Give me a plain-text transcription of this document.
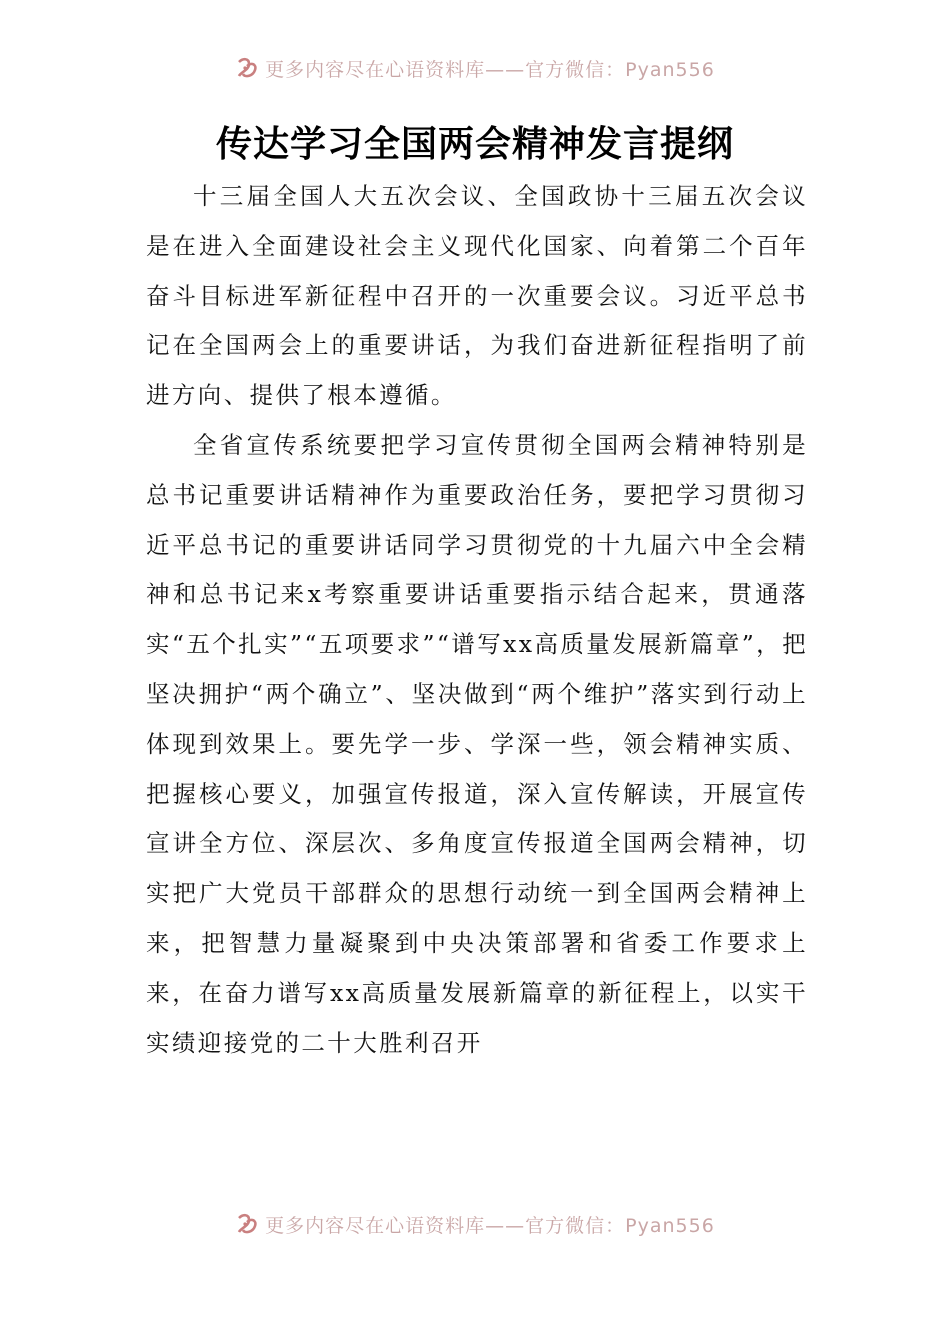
更多内容尽在心语资料库——官方微信：Pyan556
传达学习全国两会精神发言提纲

十三届全国人大五次会议、全国政协十三届五次会议是在进入全面建设社会主义现代化国家、向着第二个百年奋斗目标进军新征程中召开的一次重要会议。习近平总书记在全国两会上的重要讲话，为我们奋进新征程指明了前进方向、提供了根本遵循。

全省宣传系统要把学习宣传贯彻全国两会精神特别是总书记重要讲话精神作为重要政治任务，要把学习贯彻习近平总书记的重要讲话同学习贯彻党的十九届六中全会精神和总书记来x考察重要讲话重要指示结合起来，贯通落实“五个扎实”“五项要求”“谱写xx高质量发展新篇章”，把坚决拥护“两个确立”、坚决做到“两个维护”落实到行动上体现到效果上。要先学一步、学深一些，领会精神实质、把握核心要义，加强宣传报道，深入宣传解读，开展宣传宣讲全方位、深层次、多角度宣传报道全国两会精神，切实把广大党员干部群众的思想行动统一到全国两会精神上来，把智慧力量凝聚到中央决策部署和省委工作要求上来，在奋力谱写xx高质量发展新篇章的新征程上，以实干实绩迎接党的二十大胜利召开

更多内容尽在心语资料库——官方微信：Pyan556
